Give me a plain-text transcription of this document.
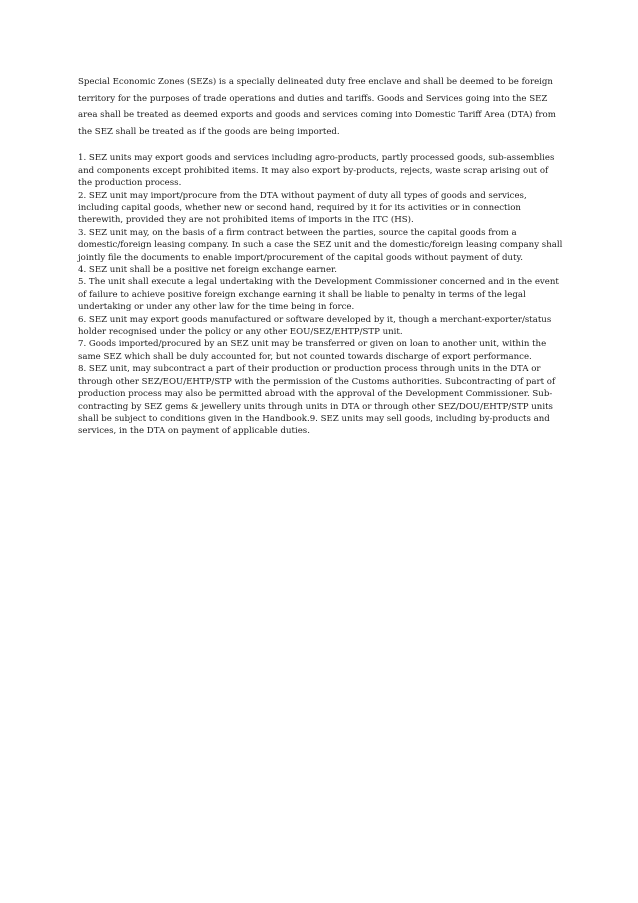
Special Economic Zones (SEZs) is a specially delineated duty free enclave and shall be deemed to be foreign territory for the purposes of trade operations and duties and tariffs. Goods and Services going into the SEZ area shall be treated as deemed exports and goods and services coming into Domestic Tariff Area (DTA) from the SEZ shall be treated as if the goods are being imported.

1. SEZ units may export goods and services including agro-products, partly processed goods, sub-assemblies and components except prohibited items. It may also export by-products, rejects, waste scrap arising out of the production process.

2. SEZ unit may import/procure from the DTA without payment of duty all types of goods and services, including capital goods, whether new or second hand, required by it for its activities or in connection therewith, provided they are not prohibited items of imports in the ITC (HS).

3. SEZ unit may, on the basis of a firm contract between the parties, source the capital goods from a domestic/foreign leasing company. In such a case the SEZ unit and the domestic/foreign leasing company shall jointly file the documents to enable import/procurement of the capital goods without payment of duty.

4. SEZ unit shall be a positive net foreign exchange earner.

5. The unit shall execute a legal undertaking with the Development Commissioner concerned and in the event of failure to achieve positive foreign exchange earning it shall be liable to penalty in terms of the legal undertaking or under any other law for the time being in force.

6. SEZ unit may export goods manufactured or software developed by it, though a merchant-exporter/status holder recognised under the policy or any other EOU/SEZ/EHTP/STP unit.

7. Goods imported/procured by an SEZ unit may be transferred or given on loan to another unit, within the same SEZ which shall be duly accounted for, but not counted towards discharge of export performance.

8. SEZ unit, may subcontract a part of their production or production process through units in the DTA or through other SEZ/EOU/EHTP/STP with the permission of the Customs authorities. Subcontracting of part of production process may also be permitted abroad with the approval of the Development Commissioner. Sub-contracting by SEZ gems & jewellery units through units in DTA or through other SEZ/DOU/EHTP/STP units shall be subject to conditions given in the Handbook.9. SEZ units may sell goods, including by-products and services, in the DTA on payment of applicable duties.
